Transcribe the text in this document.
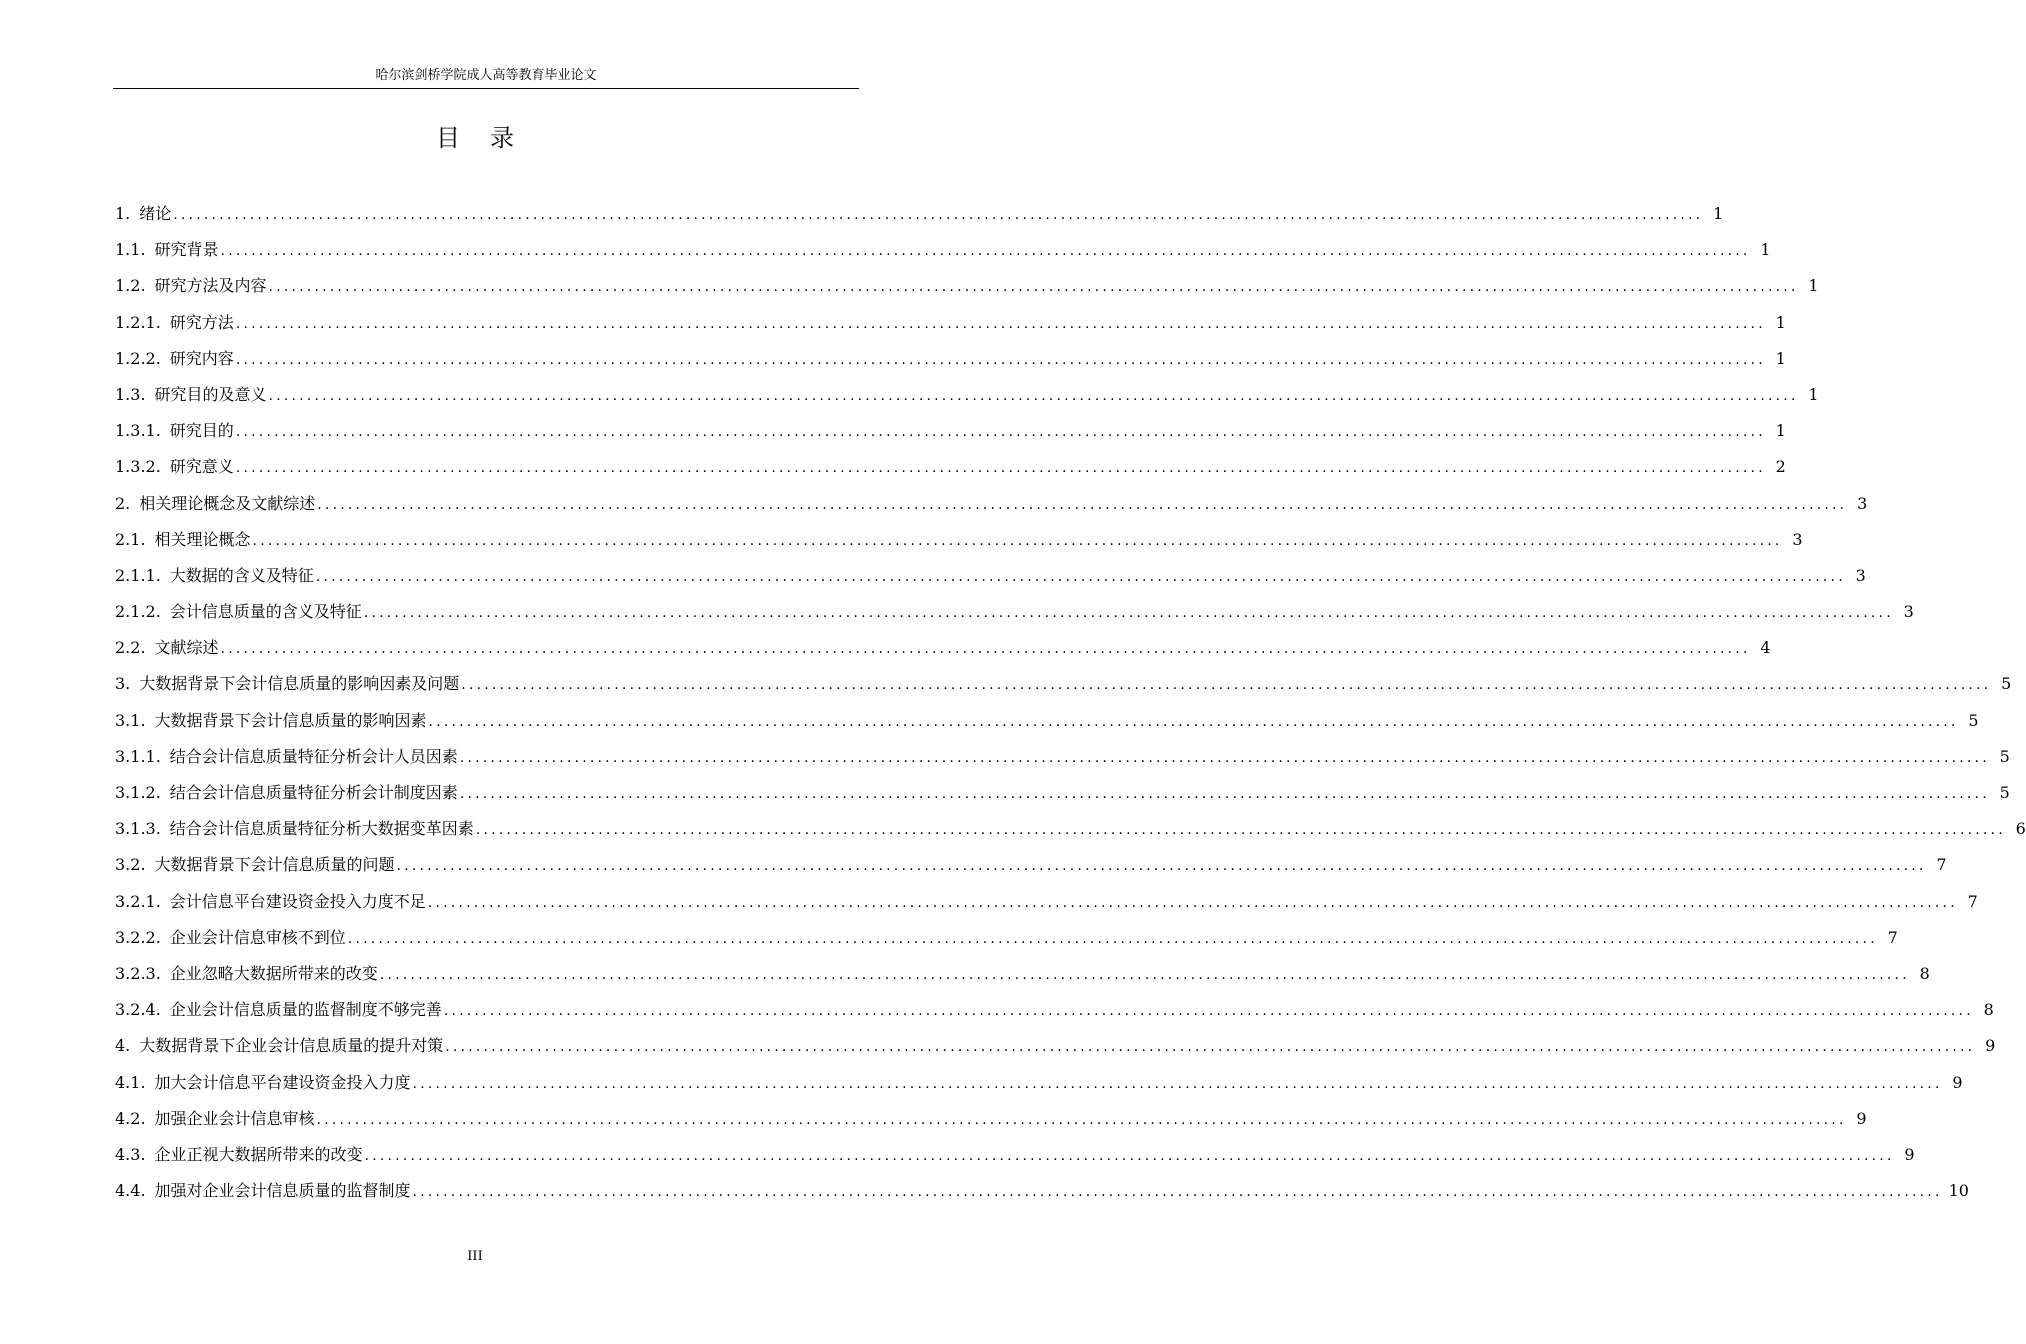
哈尔滨剑桥学院成人高等教育毕业论文
目 录
1. 绪论 ........................................................................................................................................................................................................ 1
1.1. 研究背景 ........................................................................................................................................................................................................ 1
1.2. 研究方法及内容 ........................................................................................................................................................................................................ 1
1.2.1. 研究方法 ........................................................................................................................................................................................................ 1
1.2.2. 研究内容 ........................................................................................................................................................................................................ 1
1.3. 研究目的及意义 ........................................................................................................................................................................................................ 1
1.3.1. 研究目的 ........................................................................................................................................................................................................ 1
1.3.2. 研究意义 ........................................................................................................................................................................................................ 2
2. 相关理论概念及文献综述 ........................................................................................................................................................................................................ 3
2.1. 相关理论概念 ........................................................................................................................................................................................................ 3
2.1.1. 大数据的含义及特征 ........................................................................................................................................................................................................ 3
2.1.2. 会计信息质量的含义及特征 ........................................................................................................................................................................................................ 3
2.2. 文献综述 ........................................................................................................................................................................................................ 4
3. 大数据背景下会计信息质量的影响因素及问题 ........................................................................................................................................................................................................ 5
3.1. 大数据背景下会计信息质量的影响因素 ........................................................................................................................................................................................................ 5
3.1.1. 结合会计信息质量特征分析会计人员因素 ........................................................................................................................................................................................................ 5
3.1.2. 结合会计信息质量特征分析会计制度因素 ........................................................................................................................................................................................................ 5
3.1.3. 结合会计信息质量特征分析大数据变革因素 ........................................................................................................................................................................................................ 6
3.2. 大数据背景下会计信息质量的问题 ........................................................................................................................................................................................................ 7
3.2.1. 会计信息平台建设资金投入力度不足 ........................................................................................................................................................................................................ 7
3.2.2. 企业会计信息审核不到位 ........................................................................................................................................................................................................ 7
3.2.3. 企业忽略大数据所带来的改变 ........................................................................................................................................................................................................ 8
3.2.4. 企业会计信息质量的监督制度不够完善 ........................................................................................................................................................................................................ 8
4. 大数据背景下企业会计信息质量的提升对策 ........................................................................................................................................................................................................ 9
4.1. 加大会计信息平台建设资金投入力度 ........................................................................................................................................................................................................ 9
4.2. 加强企业会计信息审核 ........................................................................................................................................................................................................ 9
4.3. 企业正视大数据所带来的改变 ........................................................................................................................................................................................................ 9
4.4. 加强对企业会计信息质量的监督制度 ........................................................................................................................................................................................................ 10
III
